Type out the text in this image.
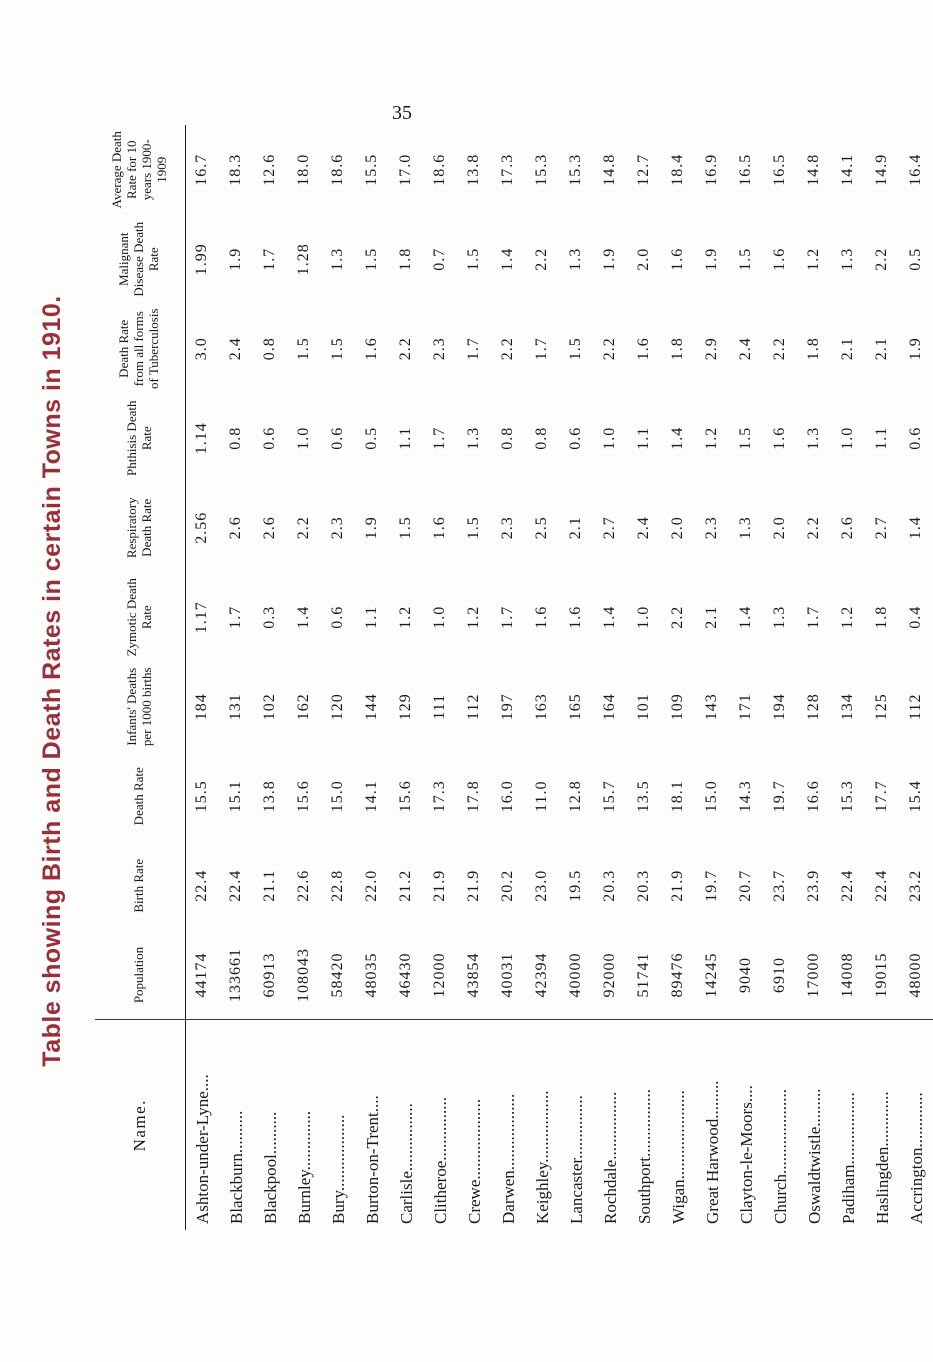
35
Table showing Birth and Death Rates in certain Towns in 1910.
Name.	Population	Birth Rate	Death Rate	Infants' Deaths per 1000 births	Zymotic Death Rate	Respiratory Death Rate	Phthisis Death Rate	Death Rate from all forms of Tuberculosis	Malignant Disease Death Rate	Average Death Rate for 10 years 1900-1909
Ashton-under-Lyne....	44174	22.4	15.5	184	1.17	2.56	1.14	3.0	1.99	16.7
Blackburn..........	133661	22.4	15.1	131	1.7	2.6	0.8	2.4	1.9	18.3
Blackpool..........	60913	21.1	13.8	102	0.3	2.6	0.6	0.8	1.7	12.6
Burnley..............	108043	22.6	15.6	162	1.4	2.2	1.0	1.5	1.28	18.0
Bury..................	58420	22.8	15.0	120	0.6	2.3	0.6	1.5	1.3	18.6
Burton-on-Trent....	48035	22.0	14.1	144	1.1	1.9	0.5	1.6	1.5	15.5
Carlisle................	46430	21.2	15.6	129	1.2	1.5	1.1	2.2	1.8	17.0
Clitheroe...............	12000	21.9	17.3	111	1.0	1.6	1.7	2.3	0.7	18.6
Crewe...................	43854	21.9	17.8	112	1.2	1.5	1.3	1.7	1.5	13.8
Darwen..................	40031	20.2	16.0	197	1.7	2.3	0.8	2.2	1.4	17.3
Keighley.................	42394	23.0	11.0	163	1.6	2.5	0.8	1.7	2.2	15.3
Lancaster...............	40000	19.5	12.8	165	1.6	2.1	0.6	1.5	1.3	15.3
Rochdale................	92000	20.3	15.7	164	1.4	2.7	1.0	2.2	1.9	14.8
Southport................	51741	20.3	13.5	101	1.0	2.4	1.1	1.6	2.0	12.7
Wigan.....................	89476	21.9	18.1	109	2.2	2.0	1.4	1.8	1.6	18.4
Great Harwood.........	14245	19.7	15.0	143	2.1	2.3	1.2	2.9	1.9	16.9
Clayton-le-Moors....	9040	20.7	14.3	171	1.4	1.3	1.5	2.4	1.5	16.5
Church....................	6910	23.7	19.7	194	1.3	2.0	1.6	2.2	1.6	16.5
Oswaldtwistle.........	17000	23.9	16.6	128	1.7	2.2	1.3	1.8	1.2	14.8
Padiham.................	14008	22.4	15.3	134	1.2	2.6	1.0	2.1	1.3	14.1
Haslingden.............	19015	22.4	17.7	125	1.8	2.7	1.1	2.1	2.2	14.9
Accrington.............	48000	23.2	15.4	112	0.4	1.4	0.6	1.9	0.5	16.4
